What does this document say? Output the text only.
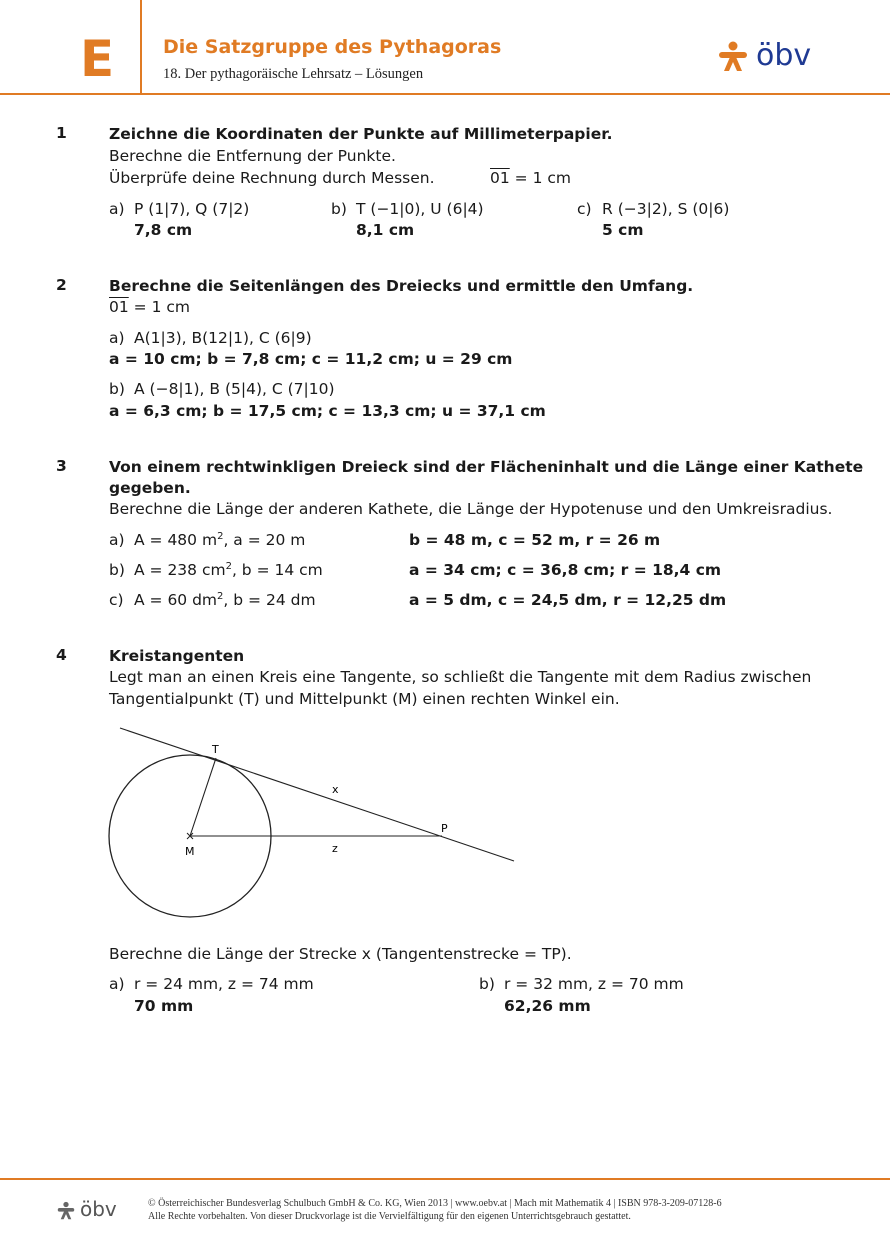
E	Die Satzgruppe des Pythagoras
18. Der pythagoräische Lehrsatz – Lösungen
öbv
1	Zeichne die Koordinaten der Punkte auf Millimeterpapier.
Berechne die Entfernung der Punkte.
Überprüfe deine Rechnung durch Messen.	01 = 1 cm
a) P (1|7), Q (7|2)
7,8 cm
b) T (−1|0), U (6|4)
8,1 cm
c) R (−3|2), S (0|6)
5 cm
2	Berechne die Seitenlängen des Dreiecks und ermittle den Umfang.
01 = 1 cm
a) A(1|3), B(12|1), C (6|9)
a = 10 cm; b = 7,8 cm; c = 11,2 cm; u = 29 cm
b) A (−8|1), B (5|4), C (7|10)
a = 6,3 cm; b = 17,5 cm; c = 13,3 cm; u = 37,1 cm
3	Von einem rechtwinkligen Dreieck sind der Flächeninhalt und die Länge einer Kathete
gegeben.
Berechne die Länge der anderen Kathete, die Länge der Hypotenuse und den Umkreisradius.
a) A = 480 $m^2$, a = 20 m	b = 48 m, c = 52 m, r = 26 m
b) A = 238 $cm^2$, b = 14 cm	a = 34 cm; c = 36,8 cm; r = 18,4 cm
c) A = 60 $dm^2$, b = 24 dm	a = 5 dm, c = 24,5 dm, r = 12,25 dm
4	Kreistangenten
Legt man an einen Kreis eine Tangente, so schließt die Tangente mit dem Radius zwischen
Tangentialpunkt (T) und Mittelpunkt (M) einen rechten Winkel ein.
T
x
P
M	z
Berechne die Länge der Strecke x (Tangentenstrecke = TP).
a) r = 24 mm, z = 74 mm
70 mm
b) r = 32 mm, z = 70 mm
62,26 mm
öbv	© Österreichischer Bundesverlag Schulbuch GmbH & Co. KG, Wien 2013 | www.oebv.at | Mach mit Mathematik 4 | ISBN 978-3-209-07128-6
Alle Rechte vorbehalten. Von dieser Druckvorlage ist die Vervielfältigung für den eigenen Unterrichtsgebrauch gestattet.
